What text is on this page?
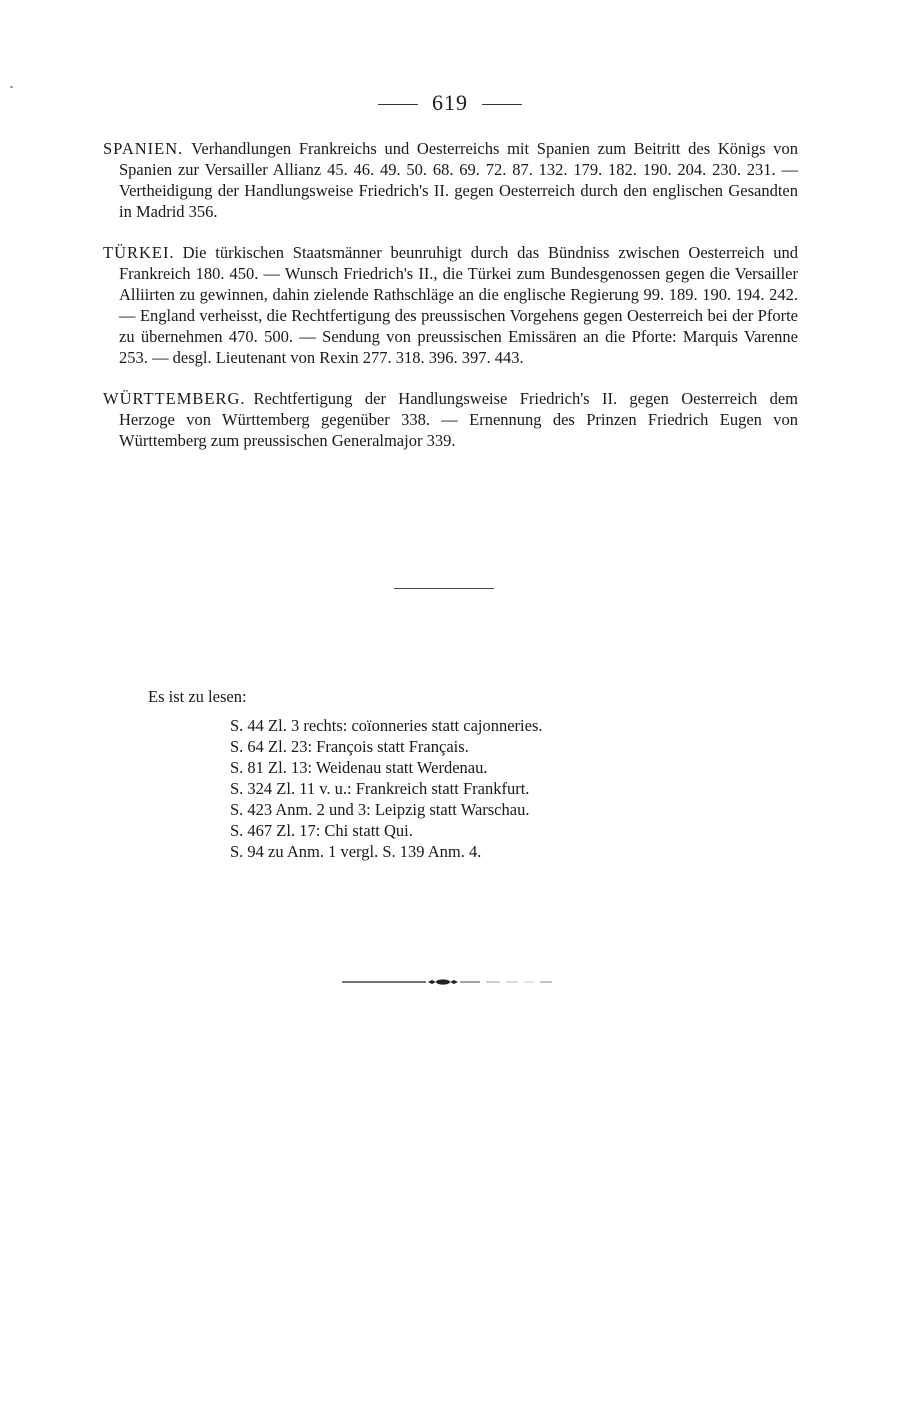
619

SPANIEN. Verhandlungen Frankreichs und Oesterreichs mit Spanien zum Beitritt des Königs von Spanien zur Versailler Allianz 45. 46. 49. 50. 68. 69. 72. 87. 132. 179. 182. 190. 204. 230. 231. — Vertheidigung der Handlungsweise Friedrich's II. gegen Oesterreich durch den englischen Gesandten in Madrid 356.

TÜRKEI. Die türkischen Staatsmänner beunruhigt durch das Bündniss zwischen Oesterreich und Frankreich 180. 450. — Wunsch Friedrich's II., die Türkei zum Bundesgenossen gegen die Versailler Alliirten zu gewinnen, dahin zielende Rathschläge an die englische Regierung 99. 189. 190. 194. 242. — England verheisst, die Rechtfertigung des preussischen Vorgehens gegen Oesterreich bei der Pforte zu übernehmen 470. 500. — Sendung von preussischen Emissären an die Pforte: Marquis Varenne 253. — desgl. Lieutenant von Rexin 277. 318. 396. 397. 443.

WÜRTTEMBERG. Rechtfertigung der Handlungsweise Friedrich's II. gegen Oesterreich dem Herzoge von Württemberg gegenüber 338. — Ernennung des Prinzen Friedrich Eugen von Württemberg zum preussischen Generalmajor 339.

Es ist zu lesen:
S. 44 Zl. 3 rechts: coïonneries statt cajonneries.
S. 64 Zl. 23: François statt Français.
S. 81 Zl. 13: Weidenau statt Werdenau.
S. 324 Zl. 11 v. u.: Frankreich statt Frankfurt.
S. 423 Anm. 2 und 3: Leipzig statt Warschau.
S. 467 Zl. 17: Chi statt Qui.
S. 94 zu Anm. 1 vergl. S. 139 Anm. 4.
